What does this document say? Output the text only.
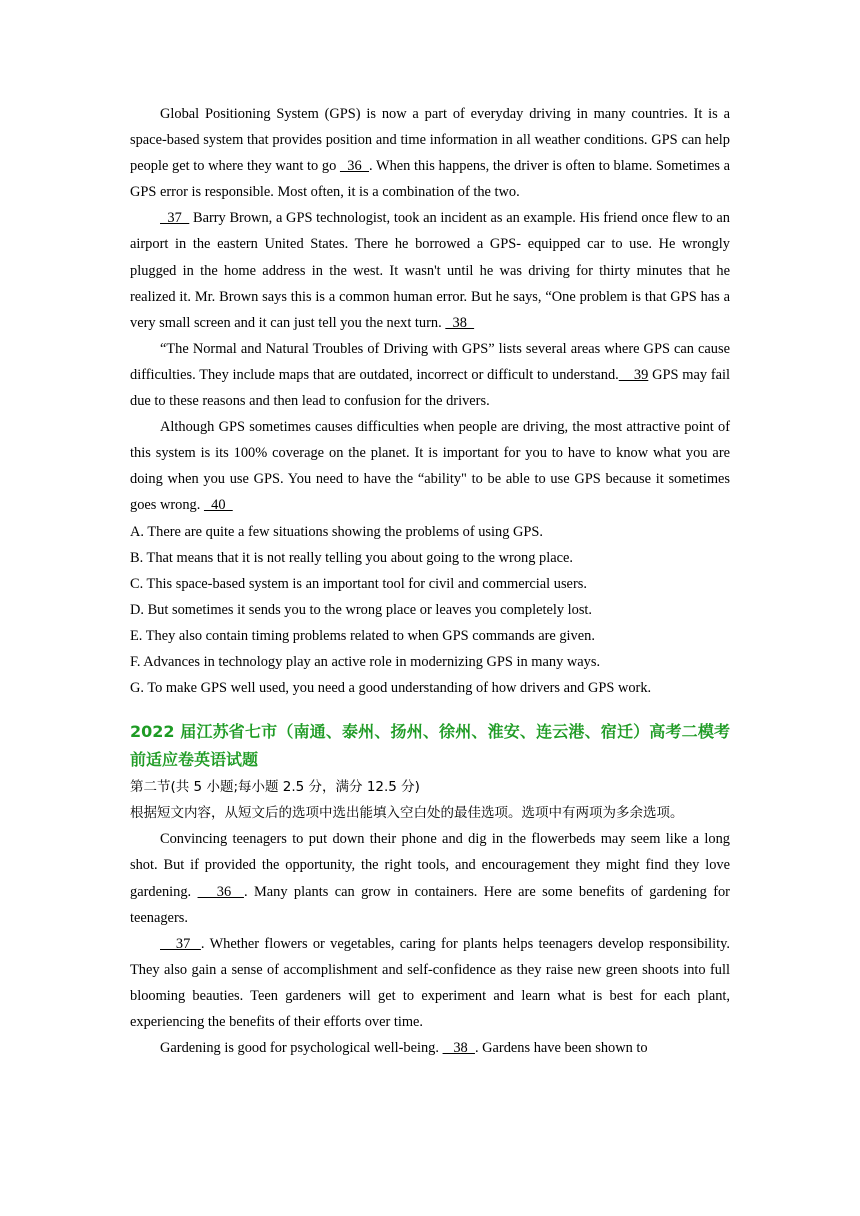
Global Positioning System (GPS) is now a part of everyday driving in many countries. It is a space-based system that provides position and time information in all weather conditions. GPS can help people get to where they want to go   36  . When this happens, the driver is often to blame. Sometimes a GPS error is responsible. Most often, it is a combination of the two.

37   Barry Brown, a GPS technologist, took an incident as an example. His friend once flew to an airport in the eastern United States. There he borrowed a GPS- equipped car to use. He wrongly plugged in the home address in the west. It wasn't until he was driving for thirty minutes that he realized it. Mr. Brown says this is a common human error. But he says, “One problem is that GPS has a very small screen and it can just tell you the next turn.   38

“The Normal and Natural Troubles of Driving with GPS” lists several areas where GPS can cause difficulties. They include maps that are outdated, incorrect or difficult to understand.    39 GPS may fail due to these reasons and then lead to confusion for the drivers.

Although GPS sometimes causes difficulties when people are driving, the most attractive point of this system is its 100% coverage on the planet. It is important for you to have to know what you are doing when you use GPS. You need to have the “ability" to be able to use GPS because it sometimes goes wrong.   40

A. There are quite a few situations showing the problems of using GPS.

B. That means that it is not really telling you about going to the wrong place.

C. This space-based system is an important tool for civil and commercial users.

D. But sometimes it sends you to the wrong place or leaves you completely lost.

E. They also contain timing problems related to when GPS commands are given.

F. Advances in technology play an active role in modernizing GPS in many ways.

G. To make GPS well used, you need a good understanding of how drivers and GPS work.

2022 届江苏省七市（南通、泰州、扬州、徐州、淮安、连云港、宿迁）高考二模考前适应卷英语试题

第二节(共 5 小题;每小题 2.5 分，满分 12.5 分)

根据短文内容，从短文后的选项中选出能填入空白处的最佳选项。选项中有两项为多余选项。

Convincing teenagers to put down their phone and dig in the flowerbeds may seem like a long shot. But if provided the opportunity, the right tools, and encouragement they might find they love gardening.    36  . Many plants can grow in containers. Here are some benefits of gardening for teenagers.

37  . Whether flowers or vegetables, caring for plants helps teenagers develop responsibility. They also gain a sense of accomplishment and self-confidence as they raise new green shoots into full blooming beauties. Teen gardeners will get to experiment and learn what is best for each plant, experiencing the benefits of their efforts over time.

Gardening is good for psychological well-being.    38  . Gardens have been shown to
